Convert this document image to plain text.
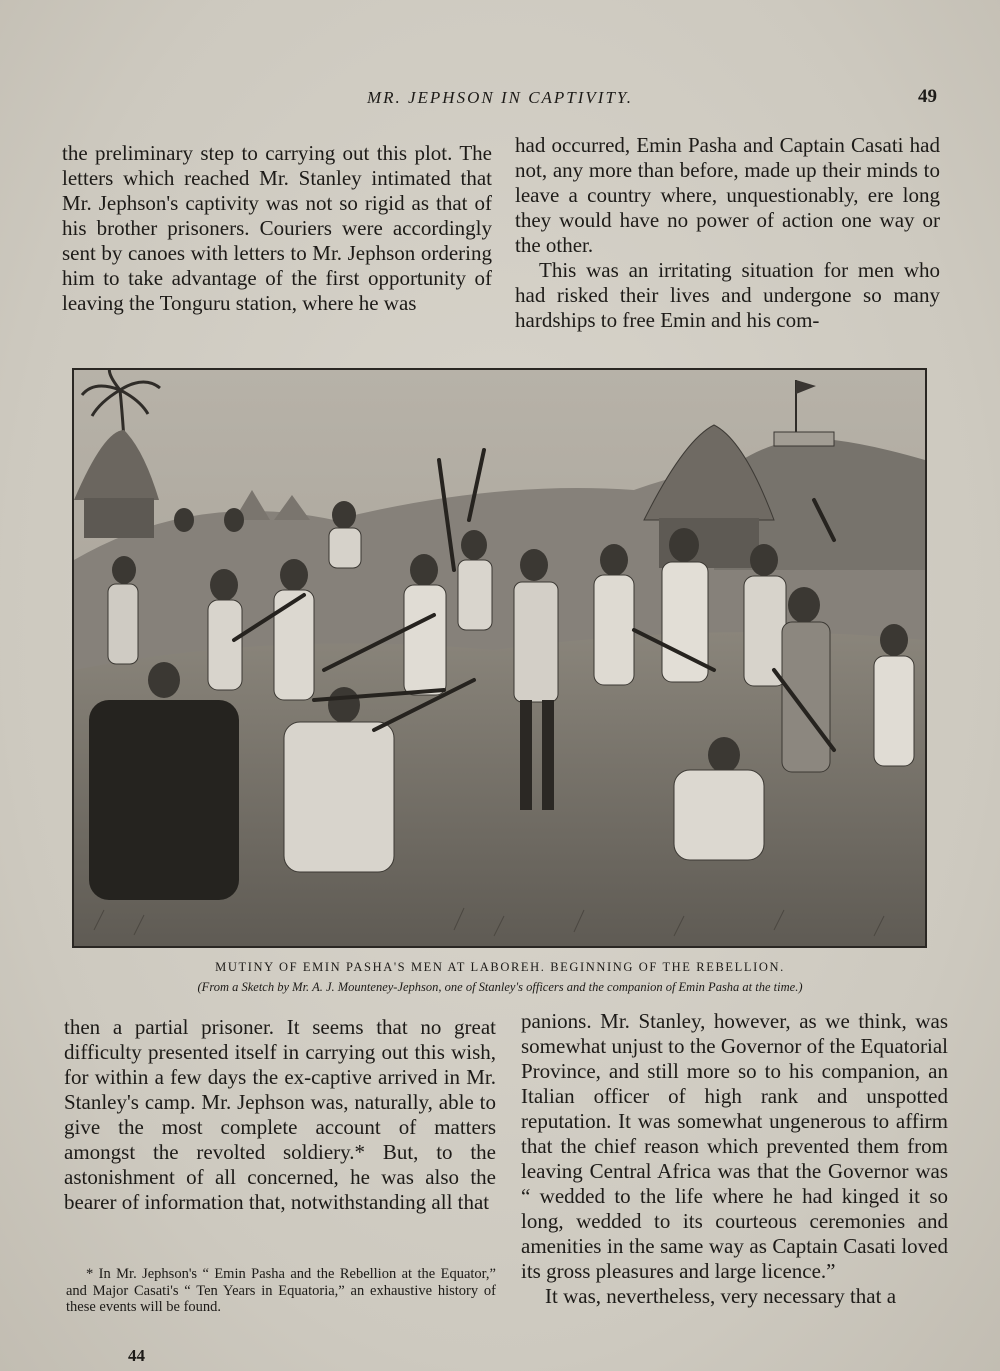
MR. JEPHSON IN CAPTIVITY.	49

the preliminary step to carrying out this plot. The letters which reached Mr. Stanley intimated that Mr. Jephson's captivity was not so rigid as that of his brother prisoners. Couriers were accordingly sent by canoes with letters to Mr. Jephson ordering him to take advantage of the first opportunity of leaving the Tonguru station, where he was

had occurred, Emin Pasha and Captain Casati had not, any more than before, made up their minds to leave a country where, unquestionably, ere long they would have no power of action one way or the other.

This was an irritating situation for men who had risked their lives and undergone so many hardships to free Emin and his com-

MUTINY OF EMIN PASHA'S MEN AT LABOREH. BEGINNING OF THE REBELLION.
(From a Sketch by Mr. A. J. Mounteney-Jephson, one of Stanley's officers and the companion of Emin Pasha at the time.)

then a partial prisoner. It seems that no great difficulty presented itself in carrying out this wish, for within a few days the ex-captive arrived in Mr. Stanley's camp. Mr. Jephson was, naturally, able to give the most complete account of matters amongst the revolted soldiery.* But, to the astonishment of all concerned, he was also the bearer of information that, notwithstanding all that

* In Mr. Jephson's “ Emin Pasha and the Rebellion at the Equator,” and Major Casati's “ Ten Years in Equatoria,” an exhaustive history of these events will be found.

44

panions. Mr. Stanley, however, as we think, was somewhat unjust to the Governor of the Equatorial Province, and still more so to his companion, an Italian officer of high rank and unspotted reputation. It was somewhat ungenerous to affirm that the chief reason which prevented them from leaving Central Africa was that the Governor was “ wedded to the life where he had kinged it so long, wedded to its courteous ceremonies and amenities in the same way as Captain Casati loved its gross pleasures and large licence.”

It was, nevertheless, very necessary that a
